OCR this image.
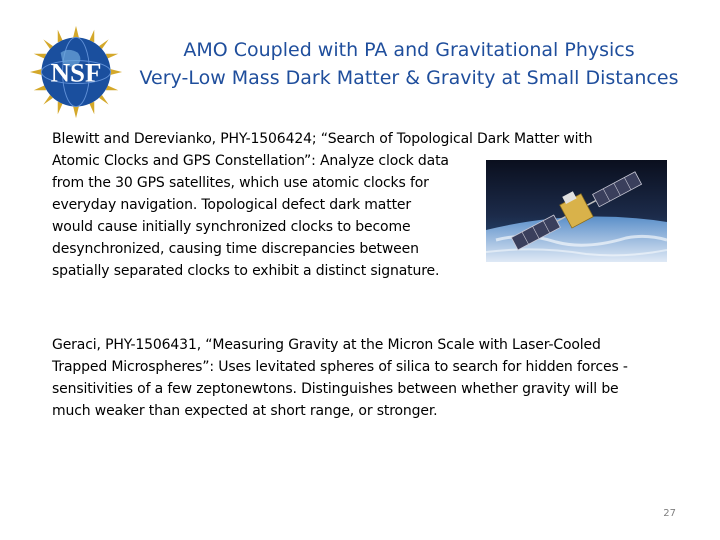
NSF
AMO Coupled with PA and Gravitational Physics
Very-Low Mass Dark Matter & Gravity at Small Distances
Blewitt and Derevianko, PHY-1506424; “Search of Topological Dark Matter with
Atomic Clocks and GPS Constellation”: Analyze clock data
from the 30 GPS satellites, which use atomic clocks for
everyday navigation. Topological defect dark matter
would cause initially synchronized clocks to become
desynchronized, causing time discrepancies between
spatially separated clocks to exhibit a distinct signature.
Geraci, PHY-1506431, “Measuring Gravity at the Micron Scale with Laser-Cooled
Trapped Microspheres”: Uses levitated spheres of silica to search for hidden forces -
sensitivities of a few zeptonewtons. Distinguishes between whether gravity will be
much weaker than expected at short range, or stronger.
27
